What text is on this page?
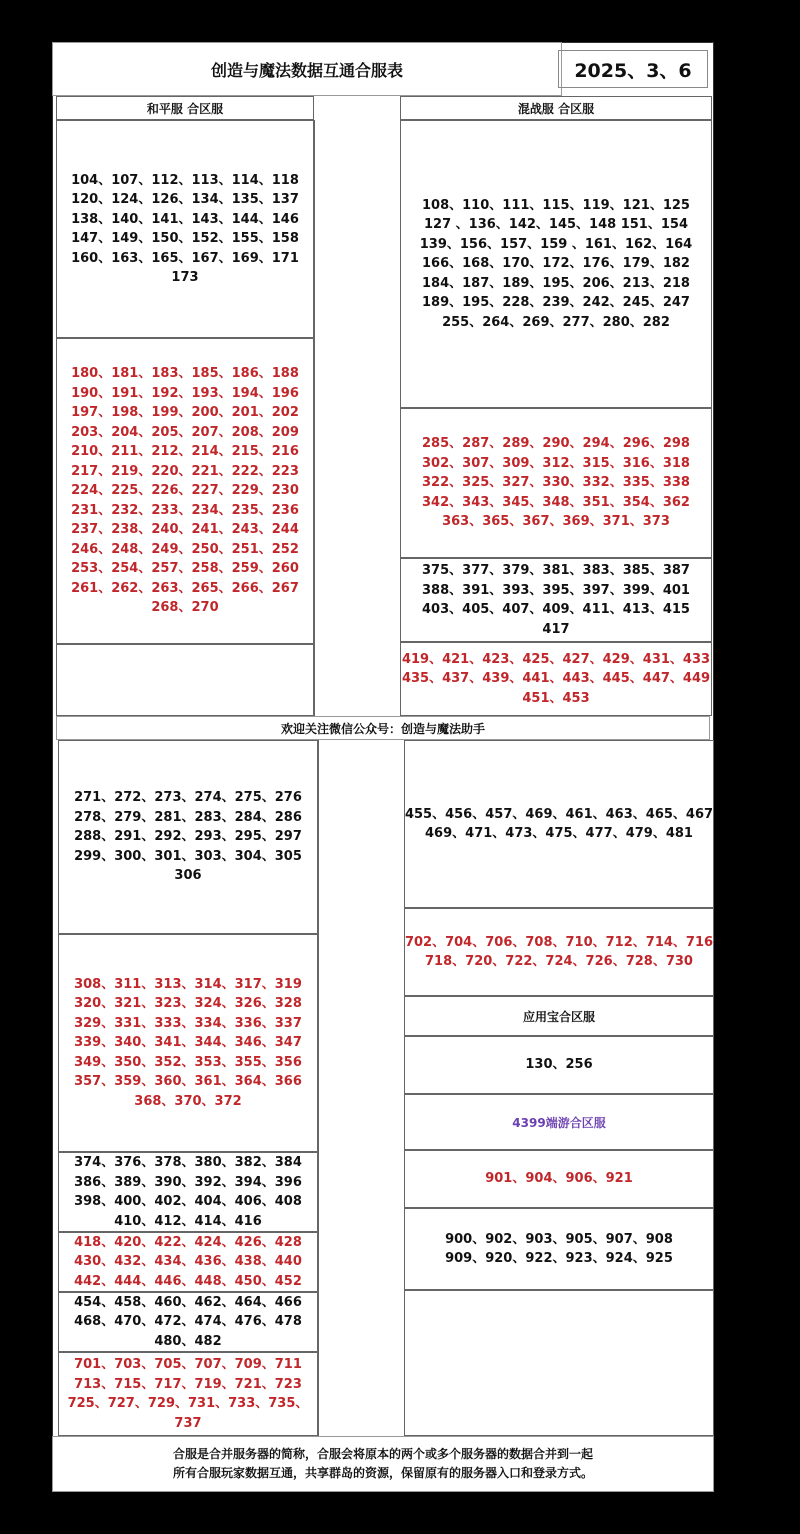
创造与魔法数据互通合服表	2025、3、6
和平服 合区服	混战服 合区服
欢迎关注微信公众号：创造与魔法助手
合服是合并服务器的简称，合服会将原本的两个或多个服务器的数据合并到一起
所有合服玩家数据互通，共享群岛的资源，保留原有的服务器入口和登录方式。
104、107、112、113、114、118
120、124、126、134、135、137
138、140、141、143、144、146
147、149、150、152、155、158
160、163、165、167、169、171
173
180、181、183、185、186、188
190、191、192、193、194、196
197、198、199、200、201、202
203、204、205、207、208、209
210、211、212、214、215、216
217、219、220、221、222、223
224、225、226、227、229、230
231、232、233、234、235、236
237、238、240、241、243、244
246、248、249、250、251、252
253、254、257、258、259、260
261、262、263、265、266、267
268、270
108、110、111、115、119、121、125
127 、136、142、145、148 151、154
139、156、157、159 、161、162、164
166、168、170、172、176、179、182
184、187、189、195、206、213、218
189、195、228、239、242、245、247
255、264、269、277、280、282
285、287、289、290、294、296、298
302、307、309、312、315、316、318
322、325、327、330、332、335、338
342、343、345、348、351、354、362
363、365、367、369、371、373
375、377、379、381、383、385、387
388、391、393、395、397、399、401
403、405、407、409、411、413、415
417
419、421、423、425、427、429、431、433
435、437、439、441、443、445、447、449
451、453
271、272、273、274、275、276
278、279、281、283、284、286
288、291、292、293、295、297
299、300、301、303、304、305
306
308、311、313、314、317、319
320、321、323、324、326、328
329、331、333、334、336、337
339、340、341、344、346、347
349、350、352、353、355、356
357、359、360、361、364、366
368、370、372
374、376、378、380、382、384
386、389、390、392、394、396
398、400、402、404、406、408
410、412、414、416
418、420、422、424、426、428
430、432、434、436、438、440
442、444、446、448、450、452
454、458、460、462、464、466
468、470、472、474、476、478
480、482
701、703、705、707、709、711
713、715、717、719、721、723
725、727、729、731、733、735、
737
455、456、457、469、461、463、465、467
469、471、473、475、477、479、481
702、704、706、708、710、712、714、716
718、720、722、724、726、728、730
应用宝合区服
130、256
4399端游合区服
901、904、906、921
900、902、903、905、907、908
909、920、922、923、924、925
